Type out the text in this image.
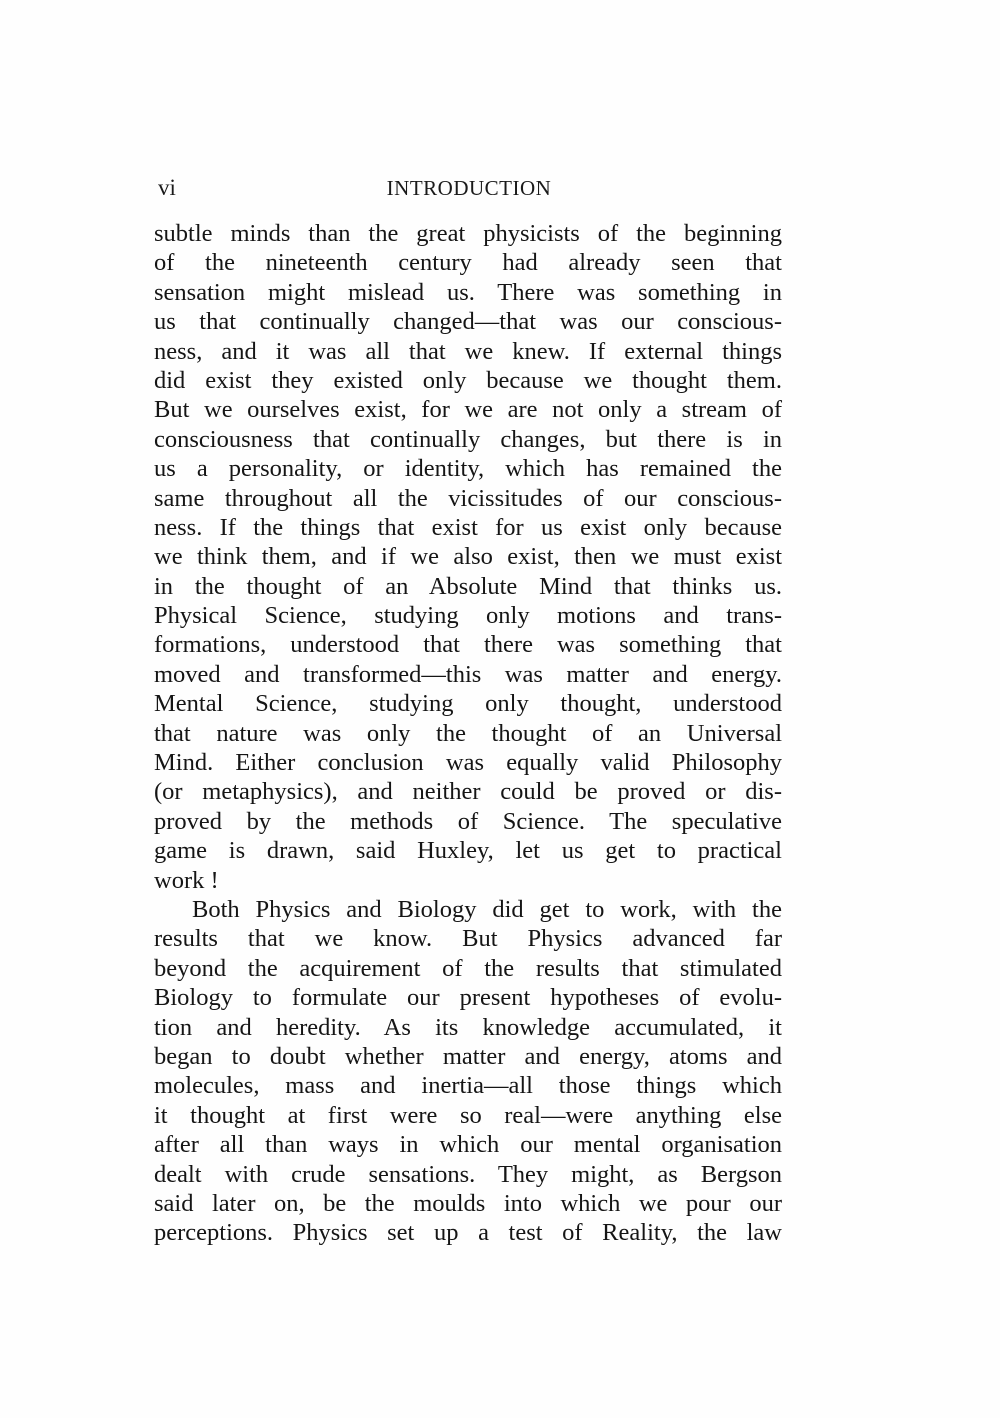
vi	INTRODUCTION
subtle minds than the great physicists of the beginning
of the nineteenth century had already seen that
sensation might mislead us. There was something in
us that continually changed—that was our conscious-
ness, and it was all that we knew. If external things
did exist they existed only because we thought them.
But we ourselves exist, for we are not only a stream of
consciousness that continually changes, but there is in
us a personality, or identity, which has remained the
same throughout all the vicissitudes of our conscious-
ness. If the things that exist for us exist only because
we think them, and if we also exist, then we must exist
in the thought of an Absolute Mind that thinks us.
Physical Science, studying only motions and trans-
formations, understood that there was something that
moved and transformed—this was matter and energy.
Mental Science, studying only thought, understood
that nature was only the thought of an Universal
Mind. Either conclusion was equally valid Philosophy
(or metaphysics), and neither could be proved or dis-
proved by the methods of Science. The speculative
game is drawn, said Huxley, let us get to practical
work !
Both Physics and Biology did get to work, with the
results that we know. But Physics advanced far
beyond the acquirement of the results that stimulated
Biology to formulate our present hypotheses of evolu-
tion and heredity. As its knowledge accumulated, it
began to doubt whether matter and energy, atoms and
molecules, mass and inertia—all those things which
it thought at first were so real—were anything else
after all than ways in which our mental organisation
dealt with crude sensations. They might, as Bergson
said later on, be the moulds into which we pour our
perceptions. Physics set up a test of Reality, the law
